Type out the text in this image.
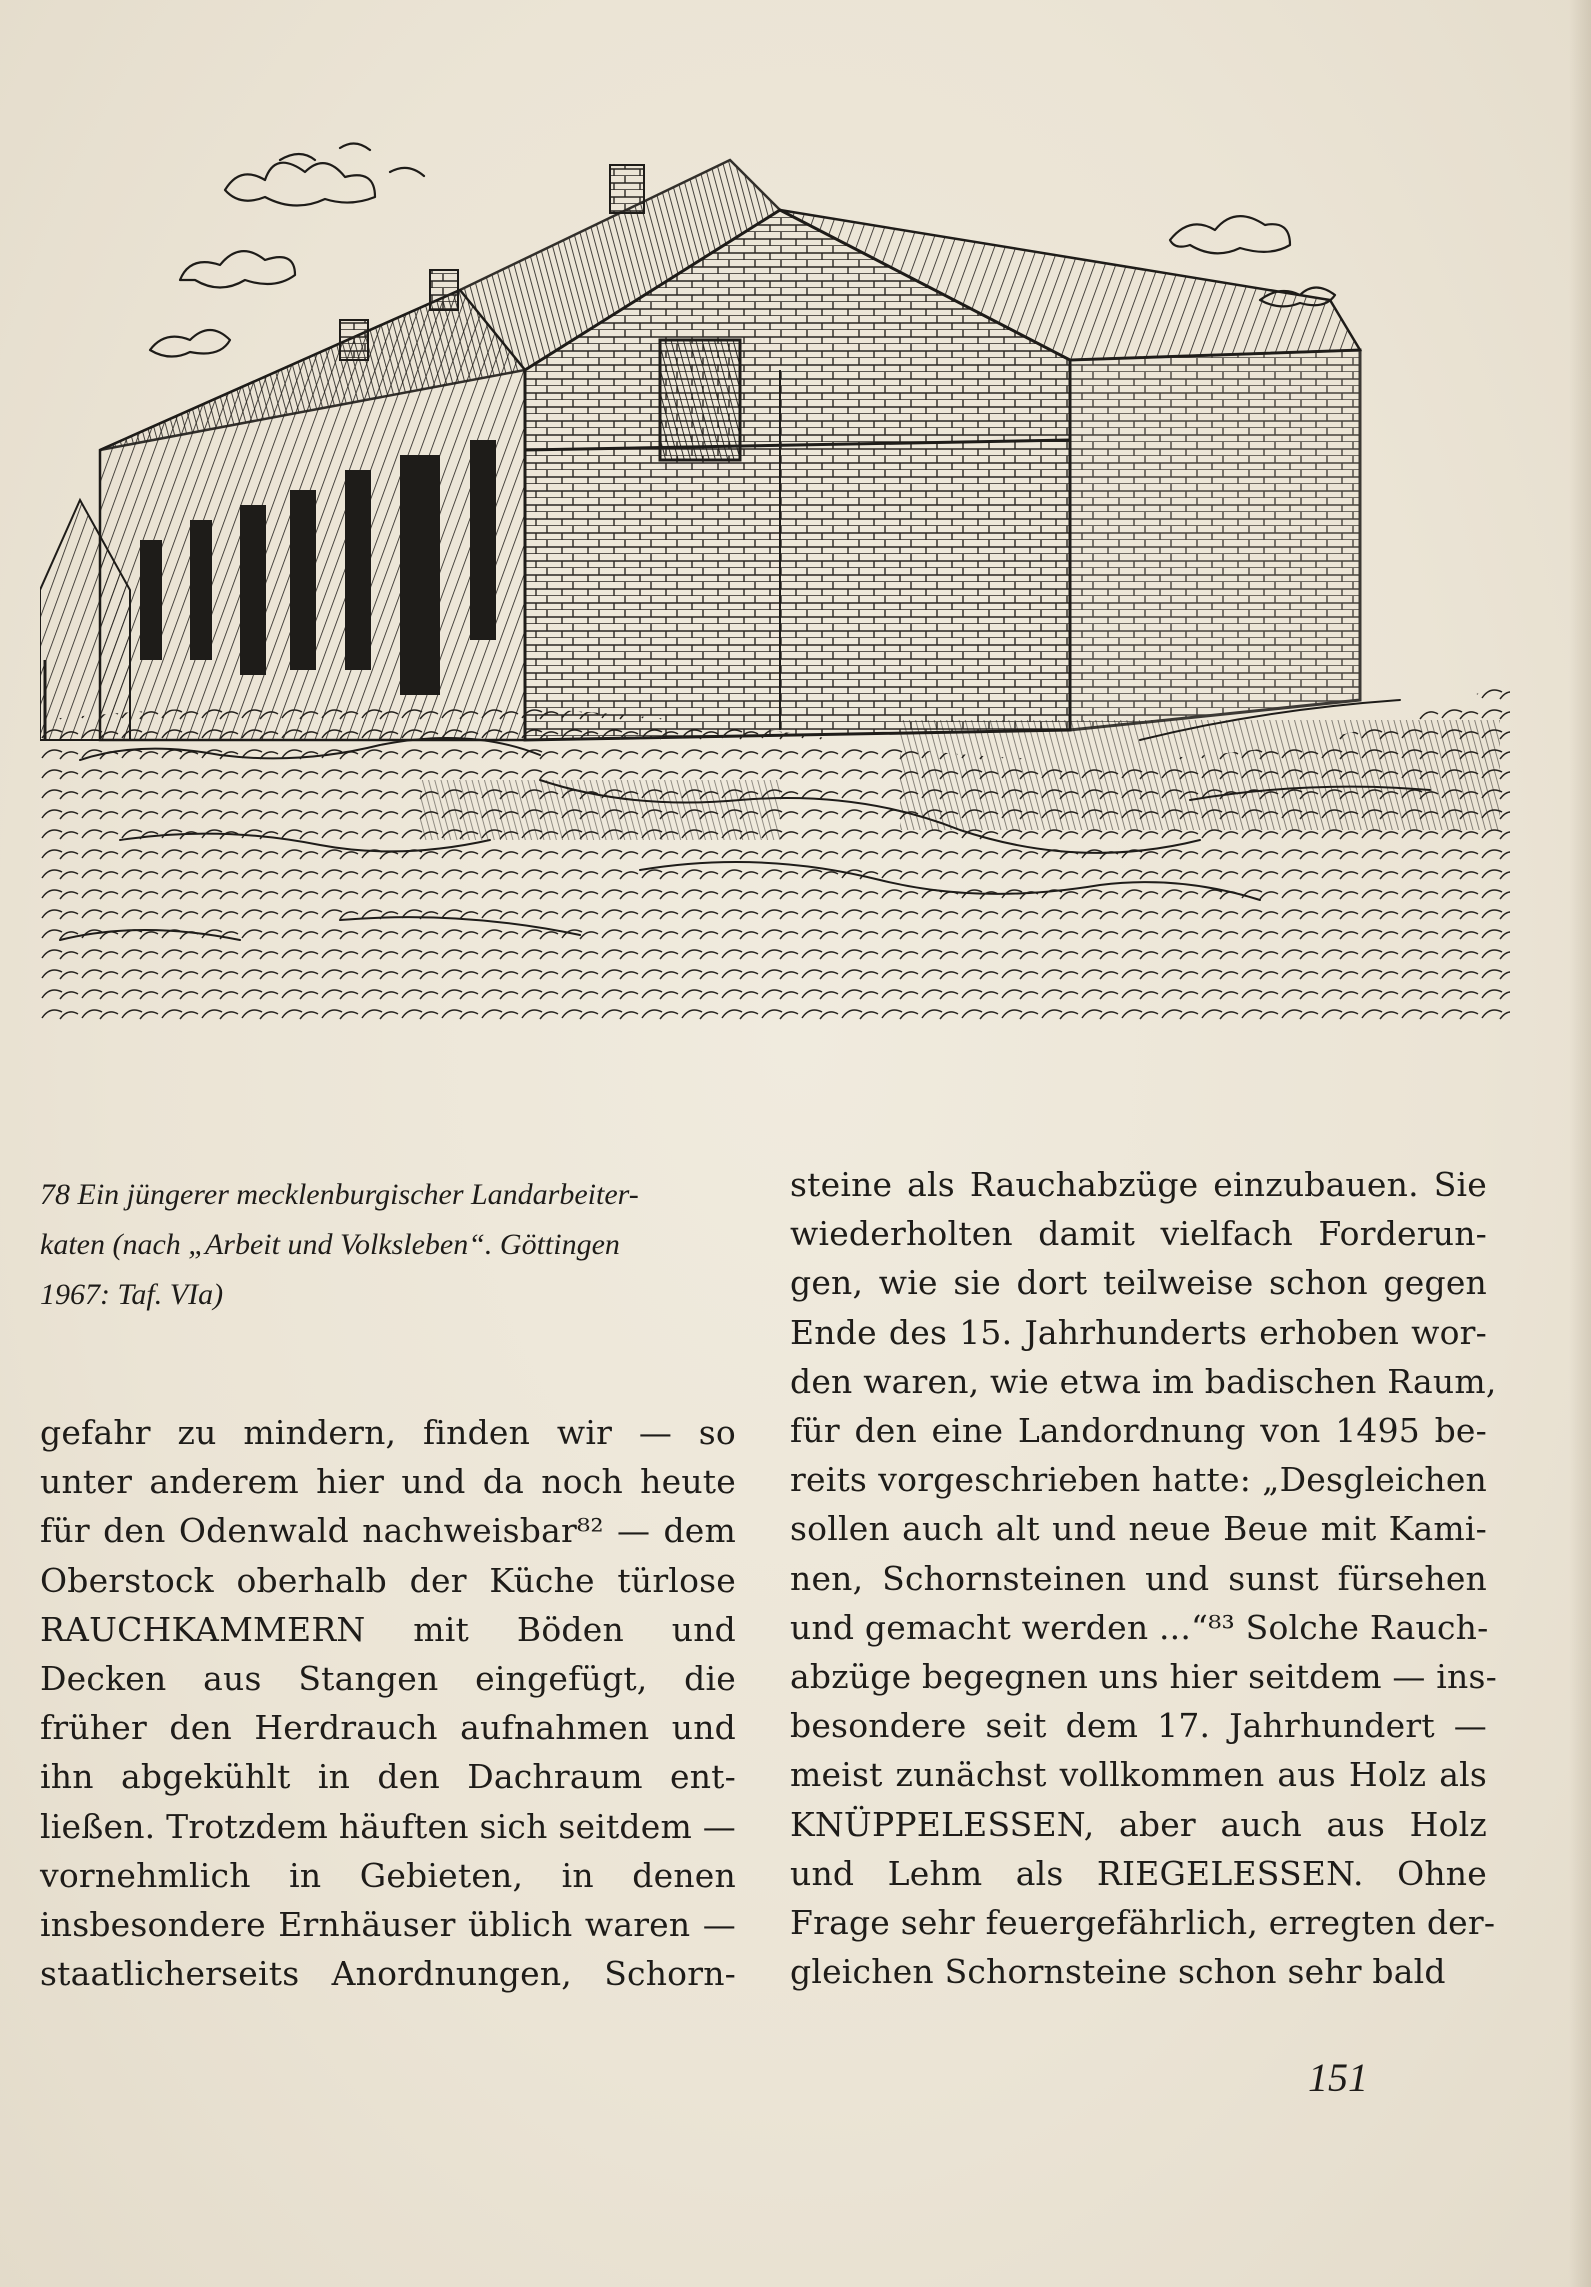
78 Ein jüngerer mecklenburgischer Landarbeiter-
katen (nach „Arbeit und Volksleben“. Göttingen
1967: Taf. VIa)
gefahr zu mindern, finden wir — so
unter anderem hier und da noch heute
für den Odenwald nachweisbar⁸² — dem
Oberstock oberhalb der Küche türlose
RAUCHKAMMERN mit Böden und
Decken aus Stangen eingefügt, die
früher den Herdrauch aufnahmen und
ihn abgekühlt in den Dachraum ent-
ließen. Trotzdem häuften sich seitdem —
vornehmlich in Gebieten, in denen
insbesondere Ernhäuser üblich waren —
staatlicherseits Anordnungen, Schorn-
steine als Rauchabzüge einzubauen. Sie
wiederholten damit vielfach Forderun-
gen, wie sie dort teilweise schon gegen
Ende des 15. Jahrhunderts erhoben wor-
den waren, wie etwa im badischen Raum,
für den eine Landordnung von 1495 be-
reits vorgeschrieben hatte: „Desgleichen
sollen auch alt und neue Beue mit Kami-
nen, Schornsteinen und sunst fürsehen
und gemacht werden ...“⁸³ Solche Rauch-
abzüge begegnen uns hier seitdem — ins-
besondere seit dem 17. Jahrhundert —
meist zunächst vollkommen aus Holz als
KNÜPPELESSEN, aber auch aus Holz
und Lehm als RIEGELESSEN. Ohne
Frage sehr feuergefährlich, erregten der-
gleichen Schornsteine schon sehr bald
151
